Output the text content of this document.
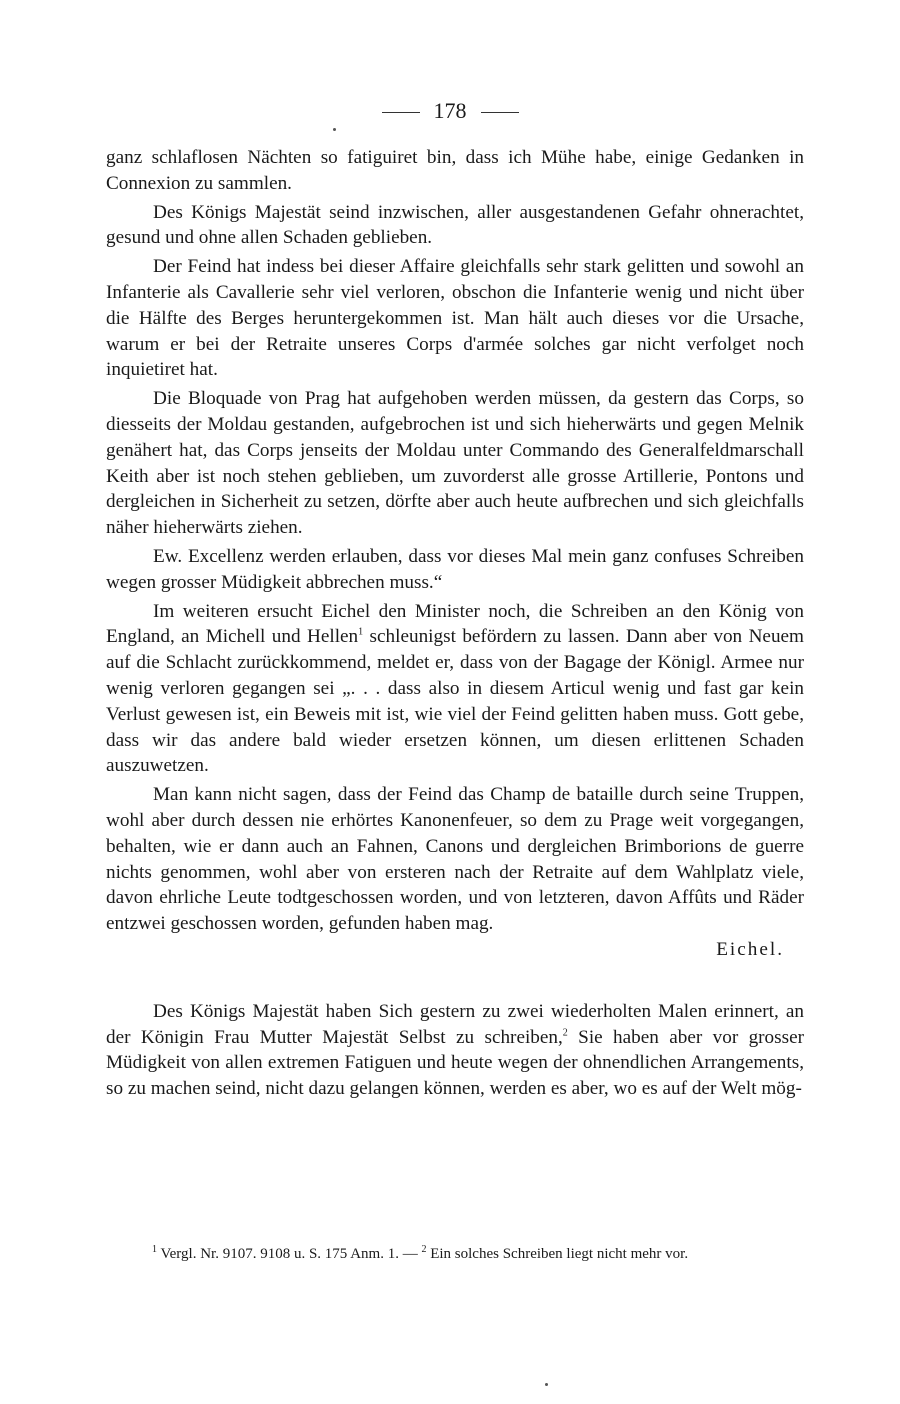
178

ganz schlaflosen Nächten so fatiguiret bin, dass ich Mühe habe, einige Gedanken in Connexion zu sammlen.

Des Königs Majestät seind inzwischen, aller ausgestandenen Gefahr ohnerachtet, gesund und ohne allen Schaden geblieben.

Der Feind hat indess bei dieser Affaire gleichfalls sehr stark gelitten und sowohl an Infanterie als Cavallerie sehr viel verloren, obschon die Infanterie wenig und nicht über die Hälfte des Berges heruntergekommen ist. Man hält auch dieses vor die Ursache, warum er bei der Retraite unseres Corps d'armée solches gar nicht verfolget noch inquietiret hat.

Die Bloquade von Prag hat aufgehoben werden müssen, da gestern das Corps, so diesseits der Moldau gestanden, aufgebrochen ist und sich hieherwärts und gegen Melnik genähert hat, das Corps jenseits der Moldau unter Commando des Generalfeldmarschall Keith aber ist noch stehen geblieben, um zuvorderst alle grosse Artillerie, Pontons und dergleichen in Sicherheit zu setzen, dörfte aber auch heute aufbrechen und sich gleichfalls näher hieherwärts ziehen.

Ew. Excellenz werden erlauben, dass vor dieses Mal mein ganz confuses Schreiben wegen grosser Müdigkeit abbrechen muss.“

Im weiteren ersucht Eichel den Minister noch, die Schreiben an den König von England, an Michell und Hellen$^1$ schleunigst befördern zu lassen. Dann aber von Neuem auf die Schlacht zurückkommend, meldet er, dass von der Bagage der Königl. Armee nur wenig verloren gegangen sei „. . . dass also in diesem Articul wenig und fast gar kein Verlust gewesen ist, ein Beweis mit ist, wie viel der Feind gelitten haben muss. Gott gebe, dass wir das andere bald wieder ersetzen können, um diesen erlittenen Schaden auszuwetzen.

Man kann nicht sagen, dass der Feind das Champ de bataille durch seine Truppen, wohl aber durch dessen nie erhörtes Kanonenfeuer, so dem zu Prage weit vorgegangen, behalten, wie er dann auch an Fahnen, Canons und dergleichen Brimborions de guerre nichts genommen, wohl aber von ersteren nach der Retraite auf dem Wahlplatz viele, davon ehrliche Leute todtgeschossen worden, und von letzteren, davon Affûts und Räder entzwei geschossen worden, gefunden haben mag.

Eichel.

Des Königs Majestät haben Sich gestern zu zwei wiederholten Malen erinnert, an der Königin Frau Mutter Majestät Selbst zu schreiben,$^2$ Sie haben aber vor grosser Müdigkeit von allen extremen Fatiguen und heute wegen der ohnendlichen Arrangements, so zu machen seind, nicht dazu gelangen können, werden es aber, wo es auf der Welt mög-

$^1$ Vergl. Nr. 9107. 9108 u. S. 175 Anm. 1. — $^2$ Ein solches Schreiben liegt nicht mehr vor.
